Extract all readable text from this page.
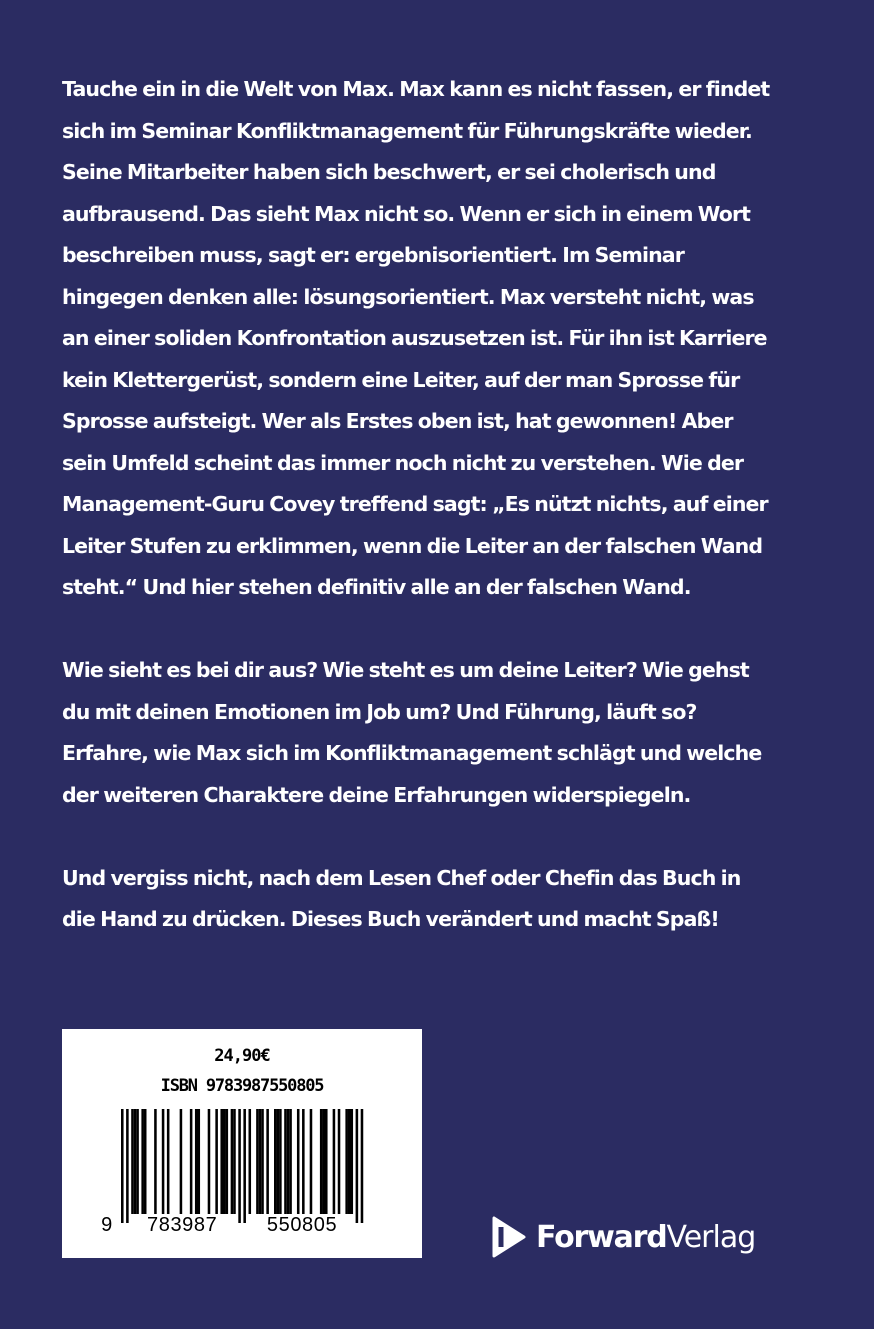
Tauche ein in die Welt von Max. Max kann es nicht fassen, er findet sich im Seminar Konfliktmanagement für Führungskräfte wieder. Seine Mitarbeiter haben sich beschwert, er sei cholerisch und aufbrausend. Das sieht Max nicht so. Wenn er sich in einem Wort beschreiben muss, sagt er: ergebnisorientiert. Im Seminar hingegen denken alle: lösungsorientiert. Max versteht nicht, was an einer soliden Konfrontation auszusetzen ist. Für ihn ist Karriere kein Klettergerüst, sondern eine Leiter, auf der man Sprosse für Sprosse aufsteigt. Wer als Erstes oben ist, hat gewonnen! Aber sein Umfeld scheint das immer noch nicht zu verstehen. Wie der Management-Guru Covey treffend sagt: „Es nützt nichts, auf einer Leiter Stufen zu erklimmen, wenn die Leiter an der falschen Wand steht.“ Und hier stehen definitiv alle an der falschen Wand.

Wie sieht es bei dir aus? Wie steht es um deine Leiter? Wie gehst du mit deinen Emotionen im Job um? Und Führung, läuft so? Erfahre, wie Max sich im Konfliktmanagement schlägt und welche der weiteren Charaktere deine Erfahrungen widerspiegeln.

Und vergiss nicht, nach dem Lesen Chef oder Chefin das Buch in die Hand zu drücken. Dieses Buch verändert und macht Spaß!

24,90€
ISBN 9783987550805
9 783987 550805	Forward Verlag
